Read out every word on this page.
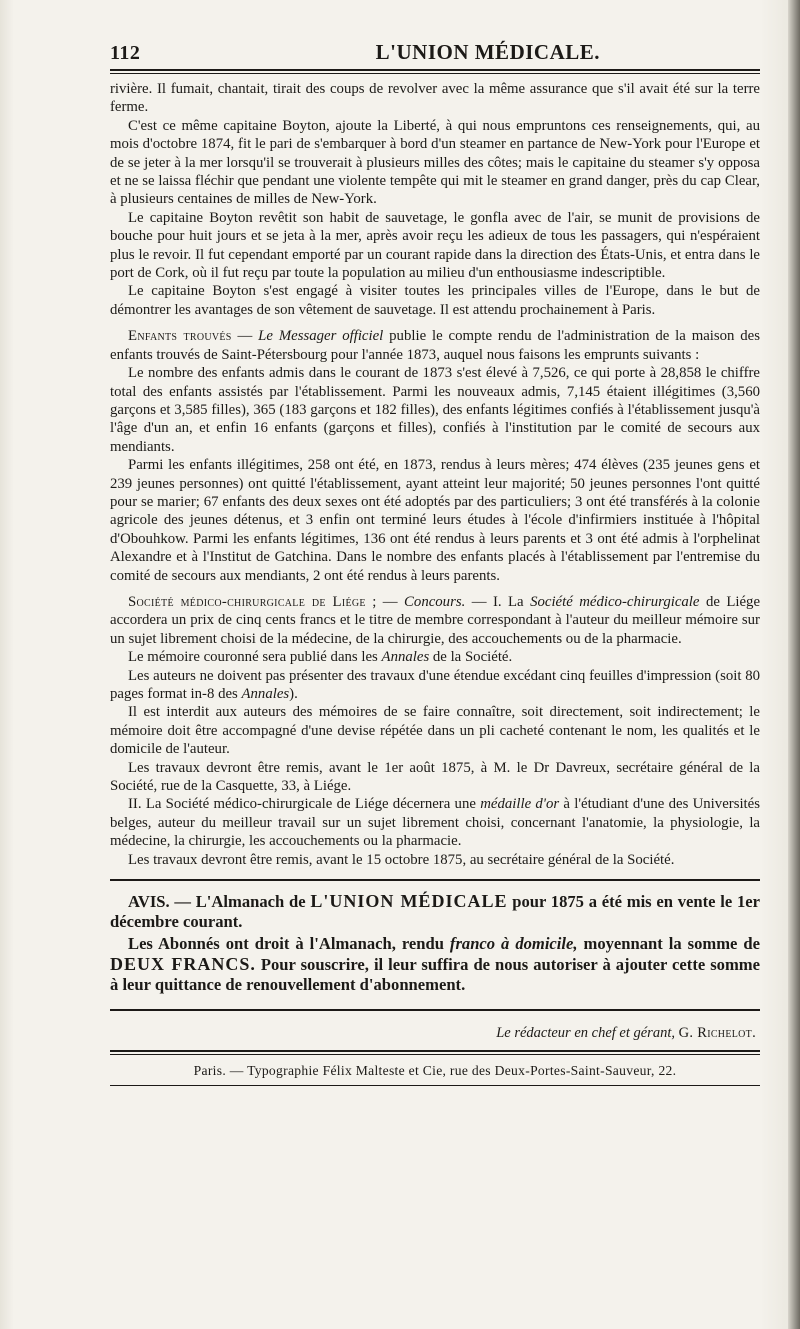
112	L'UNION MÉDICALE.

rivière. Il fumait, chantait, tirait des coups de revolver avec la même assurance que s'il avait été sur la terre ferme.

C'est ce même capitaine Boyton, ajoute la Liberté, à qui nous empruntons ces renseignements, qui, au mois d'octobre 1874, fit le pari de s'embarquer à bord d'un steamer en partance de New-York pour l'Europe et de se jeter à la mer lorsqu'il se trouverait à plusieurs milles des côtes; mais le capitaine du steamer s'y opposa et ne se laissa fléchir que pendant une violente tempête qui mit le steamer en grand danger, près du cap Clear, à plusieurs centaines de milles de New-York.

Le capitaine Boyton revêtit son habit de sauvetage, le gonfla avec de l'air, se munit de provisions de bouche pour huit jours et se jeta à la mer, après avoir reçu les adieux de tous les passagers, qui n'espéraient plus le revoir. Il fut cependant emporté par un courant rapide dans la direction des États-Unis, et entra dans le port de Cork, où il fut reçu par toute la population au milieu d'un enthousiasme indescriptible.

Le capitaine Boyton s'est engagé à visiter toutes les principales villes de l'Europe, dans le but de démontrer les avantages de son vêtement de sauvetage. Il est attendu prochainement à Paris.

Enfants trouvés — Le Messager officiel publie le compte rendu de l'administration de la maison des enfants trouvés de Saint-Pétersbourg pour l'année 1873, auquel nous faisons les emprunts suivants :

Le nombre des enfants admis dans le courant de 1873 s'est élevé à 7,526, ce qui porte à 28,858 le chiffre total des enfants assistés par l'établissement. Parmi les nouveaux admis, 7,145 étaient illégitimes (3,560 garçons et 3,585 filles), 365 (183 garçons et 182 filles), des enfants légitimes confiés à l'établissement jusqu'à l'âge d'un an, et enfin 16 enfants (garçons et filles), confiés à l'institution par le comité de secours aux mendiants.

Parmi les enfants illégitimes, 258 ont été, en 1873, rendus à leurs mères; 474 élèves (235 jeunes gens et 239 jeunes personnes) ont quitté l'établissement, ayant atteint leur majorité; 50 jeunes personnes l'ont quitté pour se marier; 67 enfants des deux sexes ont été adoptés par des particuliers; 3 ont été transférés à la colonie agricole des jeunes détenus, et 3 enfin ont terminé leurs études à l'école d'infirmiers instituée à l'hôpital d'Obouhkow. Parmi les enfants légitimes, 136 ont été rendus à leurs parents et 3 ont été admis à l'orphelinat Alexandre et à l'Institut de Gatchina. Dans le nombre des enfants placés à l'établissement par l'entremise du comité de secours aux mendiants, 2 ont été rendus à leurs parents.

Société médico-chirurgicale de Liége ; — Concours. — I. La Société médico-chirurgicale de Liége accordera un prix de cinq cents francs et le titre de membre correspondant à l'auteur du meilleur mémoire sur un sujet librement choisi de la médecine, de la chirurgie, des accouchements ou de la pharmacie.

Le mémoire couronné sera publié dans les Annales de la Société.

Les auteurs ne doivent pas présenter des travaux d'une étendue excédant cinq feuilles d'impression (soit 80 pages format in-8 des Annales).

Il est interdit aux auteurs des mémoires de se faire connaître, soit directement, soit indirectement; le mémoire doit être accompagné d'une devise répétée dans un pli cacheté contenant le nom, les qualités et le domicile de l'auteur.

Les travaux devront être remis, avant le 1er août 1875, à M. le Dr Davreux, secrétaire général de la Société, rue de la Casquette, 33, à Liége.

II. La Société médico-chirurgicale de Liége décernera une médaille d'or à l'étudiant d'une des Universités belges, auteur du meilleur travail sur un sujet librement choisi, concernant l'anatomie, la physiologie, la médecine, la chirurgie, les accouchements ou la pharmacie.

Les travaux devront être remis, avant le 15 octobre 1875, au secrétaire général de la Société.

AVIS. — L'Almanach de L'UNION MÉDICALE pour 1875 a été mis en vente le 1er décembre courant.

Les Abonnés ont droit à l'Almanach, rendu franco à domicile, moyennant la somme de DEUX FRANCS. Pour souscrire, il leur suffira de nous autoriser à ajouter cette somme à leur quittance de renouvellement d'abonnement.

Le rédacteur en chef et gérant, G. Richelot.
Paris. — Typographie Félix Malteste et Cie, rue des Deux-Portes-Saint-Sauveur, 22.
